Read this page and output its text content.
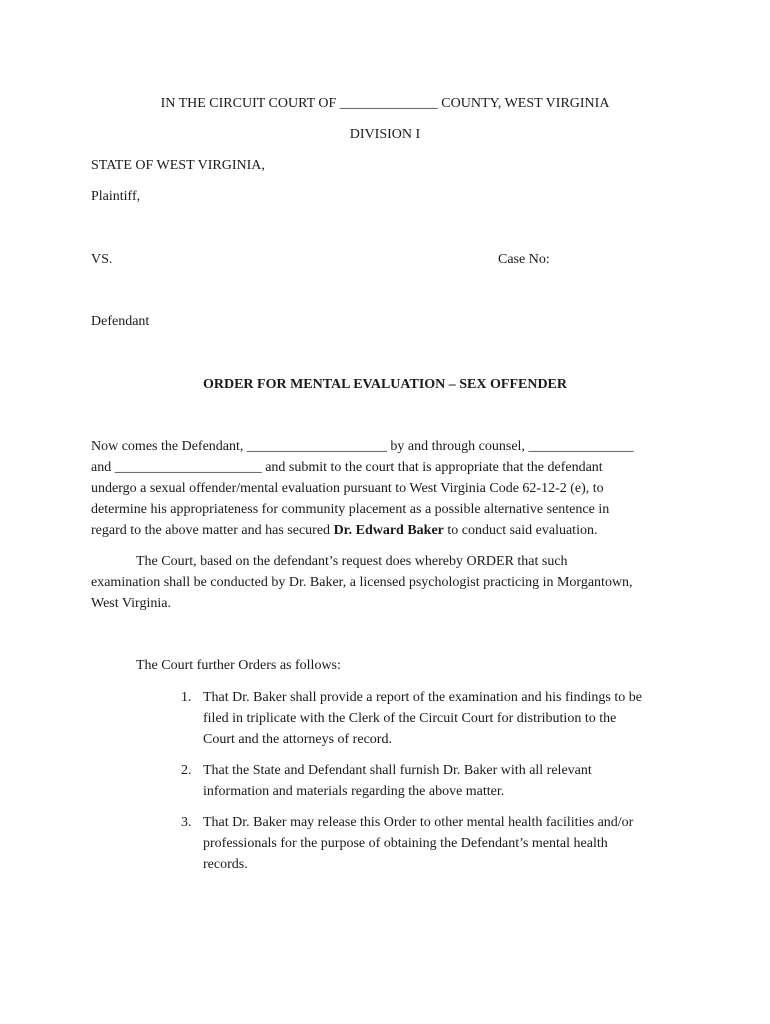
IN THE CIRCUIT COURT OF ______________ COUNTY, WEST VIRGINIA
DIVISION I
STATE OF WEST VIRGINIA,
Plaintiff,
VS.	Case No:
Defendant
ORDER FOR MENTAL EVALUATION – SEX OFFENDER
Now comes the Defendant, ____________________ by and through counsel, _______________
and _____________________ and submit to the court that is appropriate that the defendant
undergo a sexual offender/mental evaluation pursuant to West Virginia Code 62-12-2 (e), to
determine his appropriateness for community placement as a possible alternative sentence in
regard to the above matter and has secured Dr. Edward Baker to conduct said evaluation.
The Court, based on the defendant’s request does whereby ORDER that such
examination shall be conducted by Dr. Baker, a licensed psychologist practicing in Morgantown,
West Virginia.
The Court further Orders as follows:
1. That Dr. Baker shall provide a report of the examination and his findings to be
filed in triplicate with the Clerk of the Circuit Court for distribution to the
Court and the attorneys of record.
2. That the State and Defendant shall furnish Dr. Baker with all relevant
information and materials regarding the above matter.
3. That Dr. Baker may release this Order to other mental health facilities and/or
professionals for the purpose of obtaining the Defendant’s mental health
records.
